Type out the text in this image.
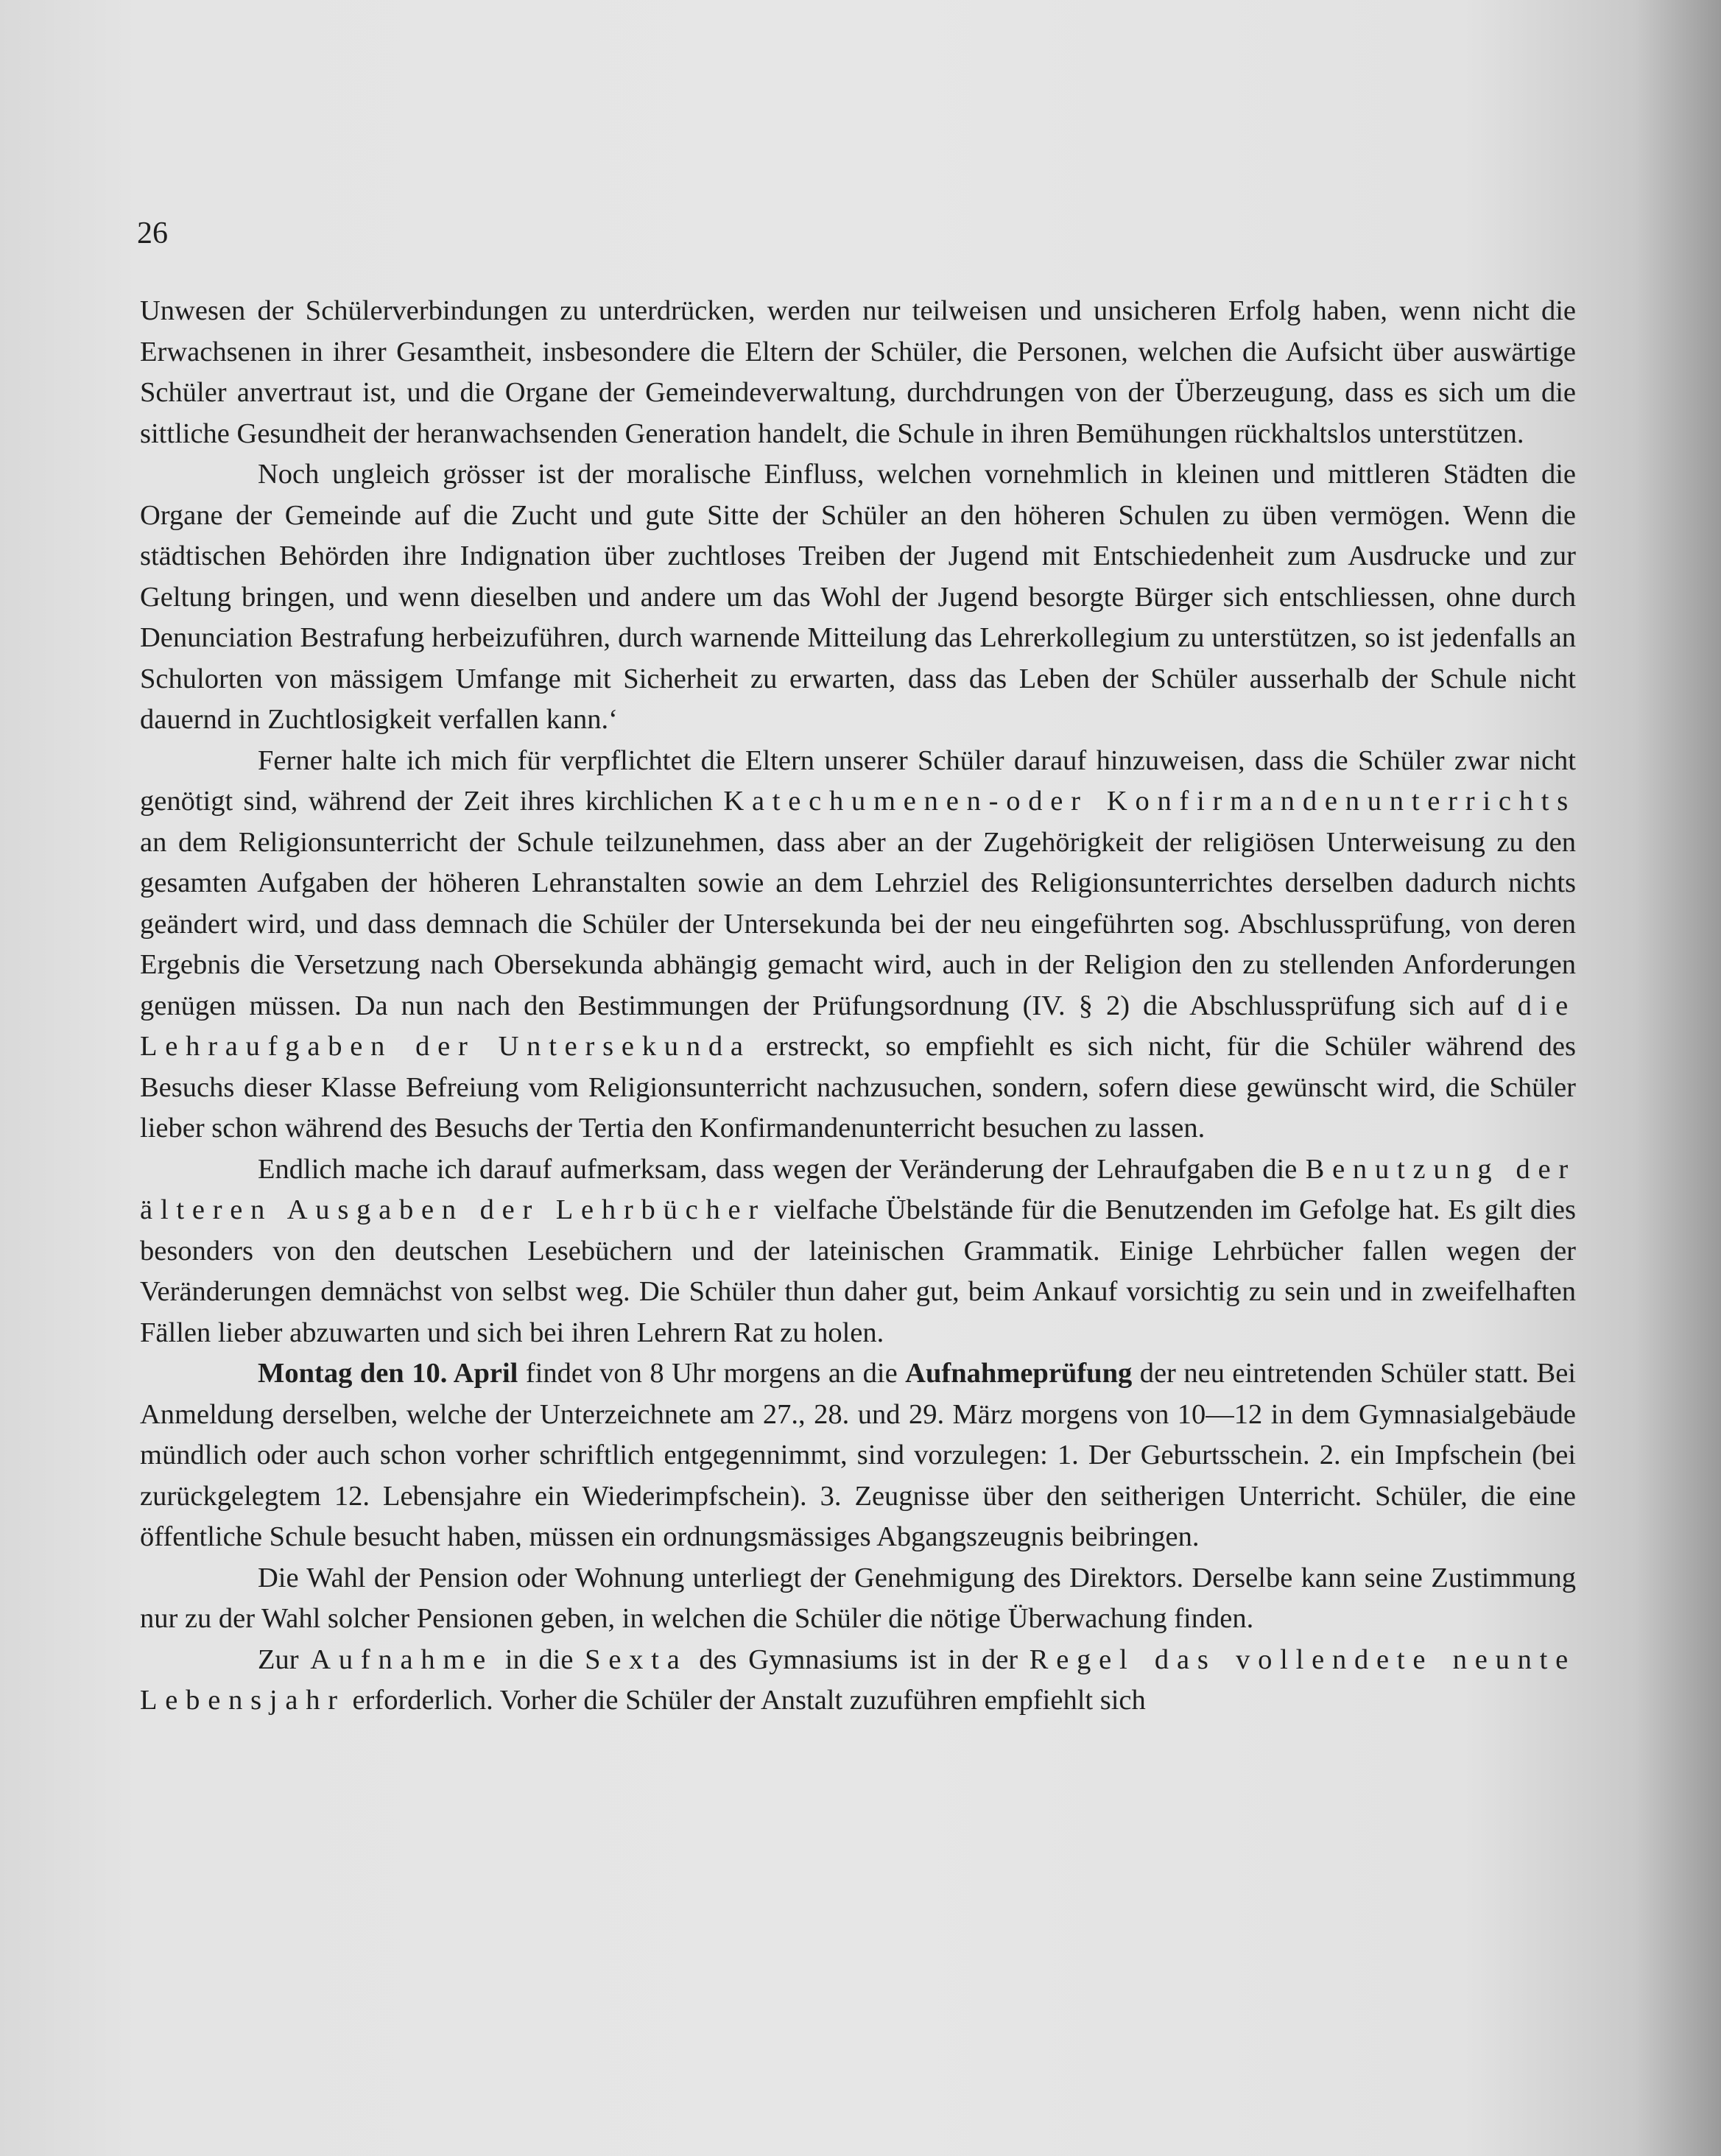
26

Unwesen der Schülerverbindungen zu unterdrücken, werden nur teilweisen und unsicheren Erfolg haben, wenn nicht die Erwachsenen in ihrer Gesamtheit, insbesondere die Eltern der Schüler, die Personen, welchen die Aufsicht über auswärtige Schüler anvertraut ist, und die Organe der Gemeindeverwaltung, durchdrungen von der Überzeugung, dass es sich um die sittliche Gesundheit der heranwachsenden Generation handelt, die Schule in ihren Bemühungen rückhaltslos unterstützen.

Noch ungleich grösser ist der moralische Einfluss, welchen vornehmlich in kleinen und mittleren Städten die Organe der Gemeinde auf die Zucht und gute Sitte der Schüler an den höheren Schulen zu üben vermögen. Wenn die städtischen Behörden ihre Indignation über zuchtloses Treiben der Jugend mit Entschiedenheit zum Ausdrucke und zur Geltung bringen, und wenn dieselben und andere um das Wohl der Jugend besorgte Bürger sich entschliessen, ohne durch Denunciation Bestrafung herbeizuführen, durch warnende Mitteilung das Lehrerkollegium zu unterstützen, so ist jedenfalls an Schulorten von mässigem Umfange mit Sicherheit zu erwarten, dass das Leben der Schüler ausserhalb der Schule nicht dauernd in Zuchtlosigkeit verfallen kann.‘

Ferner halte ich mich für verpflichtet die Eltern unserer Schüler darauf hinzuweisen, dass die Schüler zwar nicht genötigt sind, während der Zeit ihres kirchlichen Katechumenen-oder Konfirmandenunterrichts an dem Religionsunterricht der Schule teilzunehmen, dass aber an der Zugehörigkeit der religiösen Unterweisung zu den gesamten Aufgaben der höheren Lehranstalten sowie an dem Lehrziel des Religionsunterrichtes derselben dadurch nichts geändert wird, und dass demnach die Schüler der Untersekunda bei der neu eingeführten sog. Abschlussprüfung, von deren Ergebnis die Versetzung nach Obersekunda abhängig gemacht wird, auch in der Religion den zu stellenden Anforderungen genügen müssen. Da nun nach den Bestimmungen der Prüfungsordnung (IV. § 2) die Abschlussprüfung sich auf die Lehraufgaben der Untersekunda erstreckt, so empfiehlt es sich nicht, für die Schüler während des Besuchs dieser Klasse Befreiung vom Religionsunterricht nachzusuchen, sondern, sofern diese gewünscht wird, die Schüler lieber schon während des Besuchs der Tertia den Konfirmandenunterricht besuchen zu lassen.

Endlich mache ich darauf aufmerksam, dass wegen der Veränderung der Lehraufgaben die Benutzung der älteren Ausgaben der Lehrbücher vielfache Übelstände für die Benutzenden im Gefolge hat. Es gilt dies besonders von den deutschen Lesebüchern und der lateinischen Grammatik. Einige Lehrbücher fallen wegen der Veränderungen demnächst von selbst weg. Die Schüler thun daher gut, beim Ankauf vorsichtig zu sein und in zweifelhaften Fällen lieber abzuwarten und sich bei ihren Lehrern Rat zu holen.

Montag den 10. April findet von 8 Uhr morgens an die Aufnahmeprüfung der neu eintretenden Schüler statt. Bei Anmeldung derselben, welche der Unterzeichnete am 27., 28. und 29. März morgens von 10—12 in dem Gymnasialgebäude mündlich oder auch schon vorher schriftlich entgegennimmt, sind vorzulegen: 1. Der Geburtsschein. 2. ein Impfschein (bei zurückgelegtem 12. Lebensjahre ein Wiederimpfschein). 3. Zeugnisse über den seitherigen Unterricht. Schüler, die eine öffentliche Schule besucht haben, müssen ein ordnungsmässiges Abgangszeugnis beibringen.

Die Wahl der Pension oder Wohnung unterliegt der Genehmigung des Direktors. Derselbe kann seine Zustimmung nur zu der Wahl solcher Pensionen geben, in welchen die Schüler die nötige Überwachung finden.

Zur Aufnahme in die Sexta des Gymnasiums ist in der Regel das vollendete neunte Lebensjahr erforderlich. Vorher die Schüler der Anstalt zuzuführen empfiehlt sich
